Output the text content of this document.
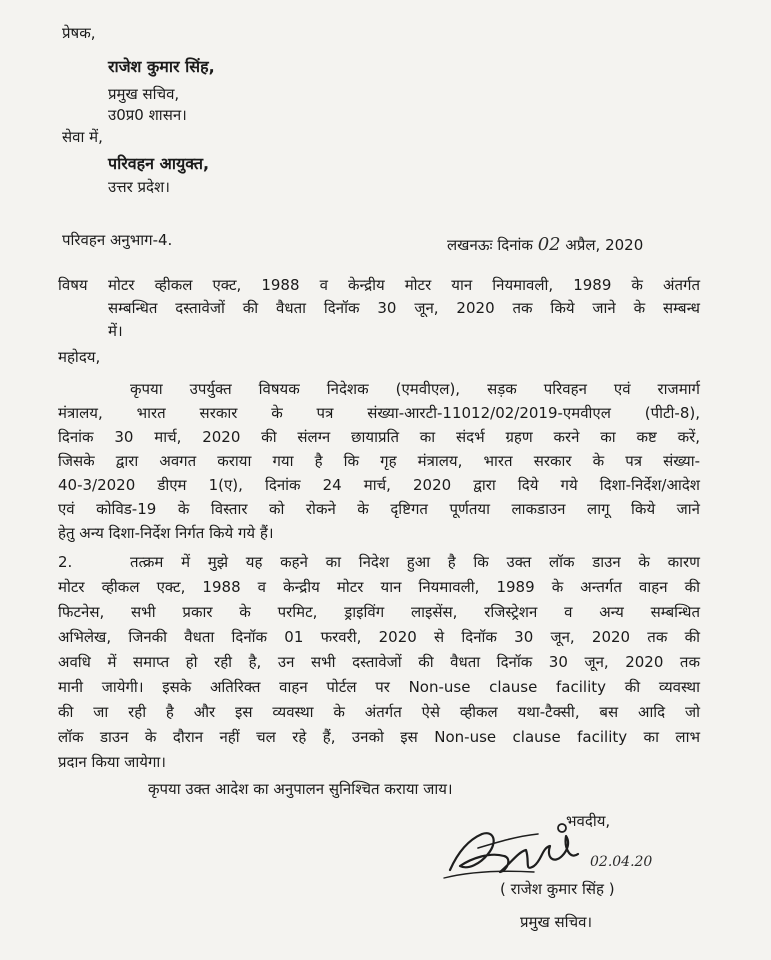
प्रेषक,
राजेश कुमार सिंह,
प्रमुख सचिव,
उ0प्र0 शासन।
सेवा में,
परिवहन आयुक्त,
उत्तर प्रदेश।
परिवहन अनुभाग-4.	लखनऊः दिनांक 02 अप्रैल, 2020
विषय मोटर व्हीकल एक्ट, 1988 व केन्द्रीय मोटर यान नियमावली, 1989 के अंतर्गत
सम्बन्धित दस्तावेजों की वैधता दिनॉक 30 जून, 2020 तक किये जाने के सम्बन्ध
में।
महोदय,
कृपया उपर्युक्त विषयक निदेशक (एमवीएल), सड़क परिवहन एवं राजमार्ग
मंत्रालय, भारत सरकार के पत्र संख्या-आरटी-11012/02/2019-एमवीएल (पीटी-8),
दिनांक 30 मार्च, 2020 की संलग्न छायाप्रति का संदर्भ ग्रहण करने का कष्ट करें,
जिसके द्वारा अवगत कराया गया है कि गृह मंत्रालय, भारत सरकार के पत्र संख्या-
40-3/2020 डीएम 1(ए), दिनांक 24 मार्च, 2020 द्वारा दिये गये दिशा-निर्देश/आदेश
एवं कोविड-19 के विस्तार को रोकने के दृष्टिगत पूर्णतया लाकडाउन लागू किये जाने
हेतु अन्य दिशा-निर्देश निर्गत किये गये हैं।
2.	तत्क्रम में मुझे यह कहने का निदेश हुआ है कि उक्त लॉक डाउन के कारण
मोटर व्हीकल एक्ट, 1988 व केन्द्रीय मोटर यान नियमावली, 1989 के अन्तर्गत वाहन की
फिटनेस, सभी प्रकार के परमिट, ड्राइविंग लाइसेंस, रजिस्ट्रेशन व अन्य सम्बन्धित
अभिलेख, जिनकी वैधता दिनॉक 01 फरवरी, 2020 से दिनॉक 30 जून, 2020 तक की
अवधि में समाप्त हो रही है, उन सभी दस्तावेजों की वैधता दिनॉक 30 जून, 2020 तक
मानी जायेगी। इसके अतिरिक्त वाहन पोर्टल पर Non-use clause facility की व्यवस्था
की जा रही है और इस व्यवस्था के अंतर्गत ऐसे व्हीकल यथा-टैक्सी, बस आदि जो
लॉक डाउन के दौरान नहीं चल रहे हैं, उनको इस Non-use clause facility का लाभ
प्रदान किया जायेगा।
कृपया उक्त आदेश का अनुपालन सुनिश्चित कराया जाय।
भवदीय,
02.04.20
( राजेश कुमार सिंह )
प्रमुख सचिव।
